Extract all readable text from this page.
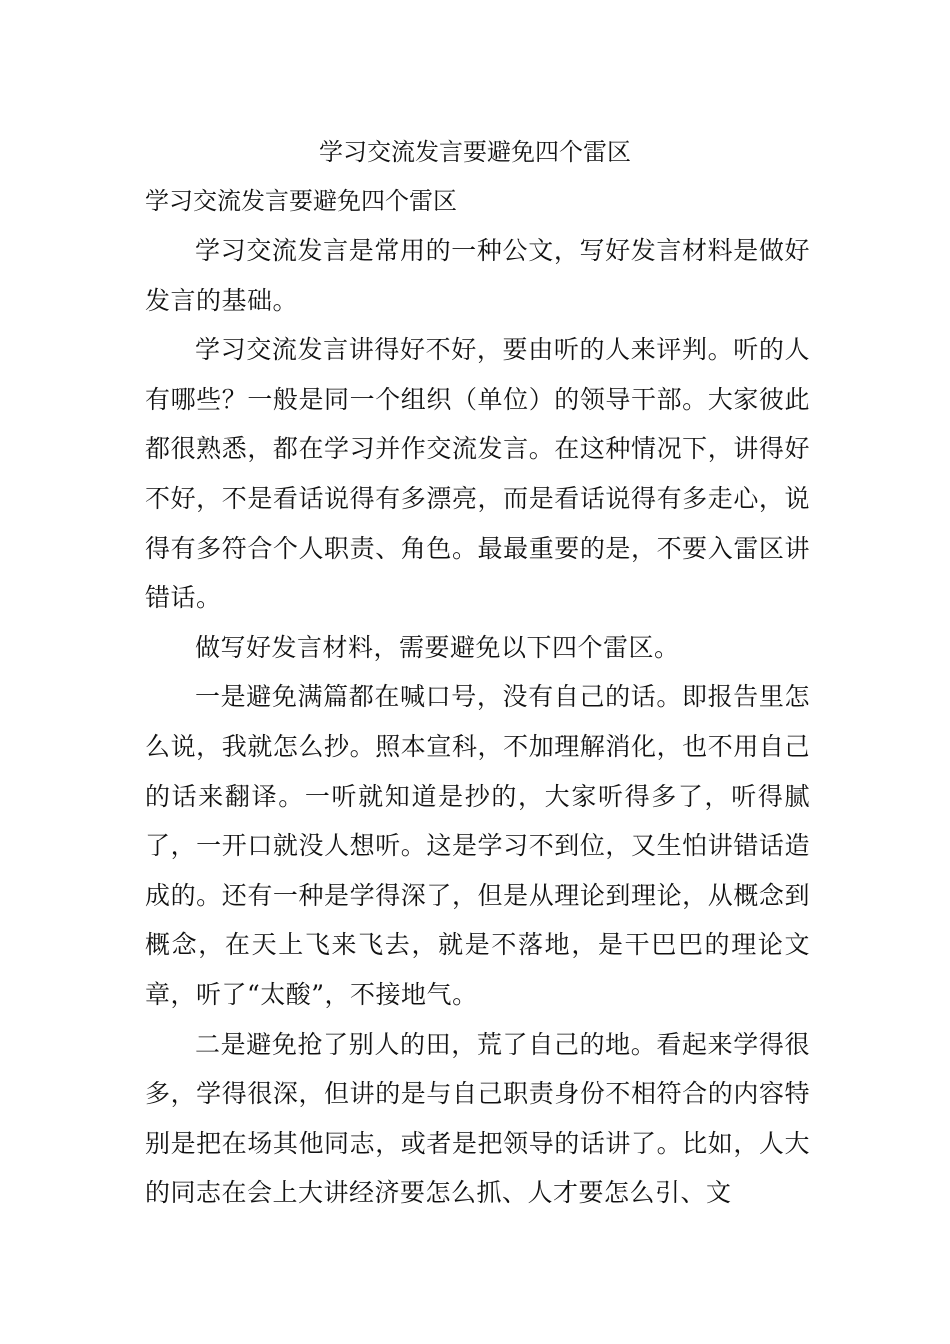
学习交流发言要避免四个雷区
学习交流发言要避免四个雷区

学习交流发言是常用的一种公文，写好发言材料是做好发言的基础。

学习交流发言讲得好不好，要由听的人来评判。听的人有哪些？一般是同一个组织（单位）的领导干部。大家彼此都很熟悉，都在学习并作交流发言。在这种情况下，讲得好不好，不是看话说得有多漂亮，而是看话说得有多走心，说得有多符合个人职责、角色。最最重要的是，不要入雷区讲错话。

做写好发言材料，需要避免以下四个雷区。

一是避免满篇都在喊口号，没有自己的话。即报告里怎么说，我就怎么抄。照本宣科，不加理解消化，也不用自己的话来翻译。一听就知道是抄的，大家听得多了，听得腻了，一开口就没人想听。这是学习不到位，又生怕讲错话造成的。还有一种是学得深了，但是从理论到理论，从概念到概念，在天上飞来飞去，就是不落地，是干巴巴的理论文章，听了“太酸”，不接地气。

二是避免抢了别人的田，荒了自己的地。看起来学得很多，学得很深，但讲的是与自己职责身份不相符合的内容特别是把在场其他同志，或者是把领导的话讲了。比如，人大的同志在会上大讲经济要怎么抓、人才要怎么引、文
